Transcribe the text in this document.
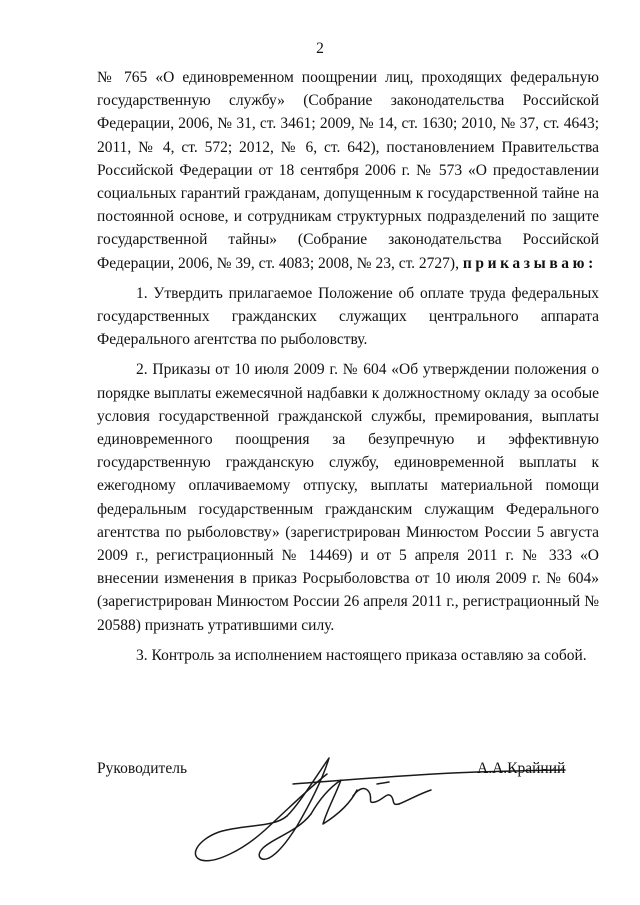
2

№ 765 «О единовременном поощрении лиц, проходящих федеральную государственную службу» (Собрание законодательства Российской Федерации, 2006, № 31, ст. 3461; 2009, № 14, ст. 1630; 2010, № 37, ст. 4643; 2011, № 4, ст. 572; 2012, № 6, ст. 642), постановлением Правительства Российской Федерации от 18 сентября 2006 г. № 573 «О предоставлении социальных гарантий гражданам, допущенным к государственной тайне на постоянной основе, и сотрудникам структурных подразделений по защите государственной тайны» (Собрание законодательства Российской Федерации, 2006, № 39, ст. 4083; 2008, № 23, ст. 2727), приказываю:

1. Утвердить прилагаемое Положение об оплате труда федеральных государственных гражданских служащих центрального аппарата Федерального агентства по рыболовству.

2. Приказы от 10 июля 2009 г. № 604 «Об утверждении положения о порядке выплаты ежемесячной надбавки к должностному окладу за особые условия государственной гражданской службы, премирования, выплаты единовременного поощрения за безупречную и эффективную государственную гражданскую службу, единовременной выплаты к ежегодному оплачиваемому отпуску, выплаты материальной помощи федеральным государственным гражданским служащим Федерального агентства по рыболовству» (зарегистрирован Минюстом России 5 августа 2009 г., регистрационный № 14469) и от 5 апреля 2011 г. № 333 «О внесении изменения в приказ Росрыболовства от 10 июля 2009 г. № 604» (зарегистрирован Минюстом России 26 апреля 2011 г., регистрационный № 20588) признать утратившими силу.

3. Контроль за исполнением настоящего приказа оставляю за собой.

Руководитель	А.А.Крайний
